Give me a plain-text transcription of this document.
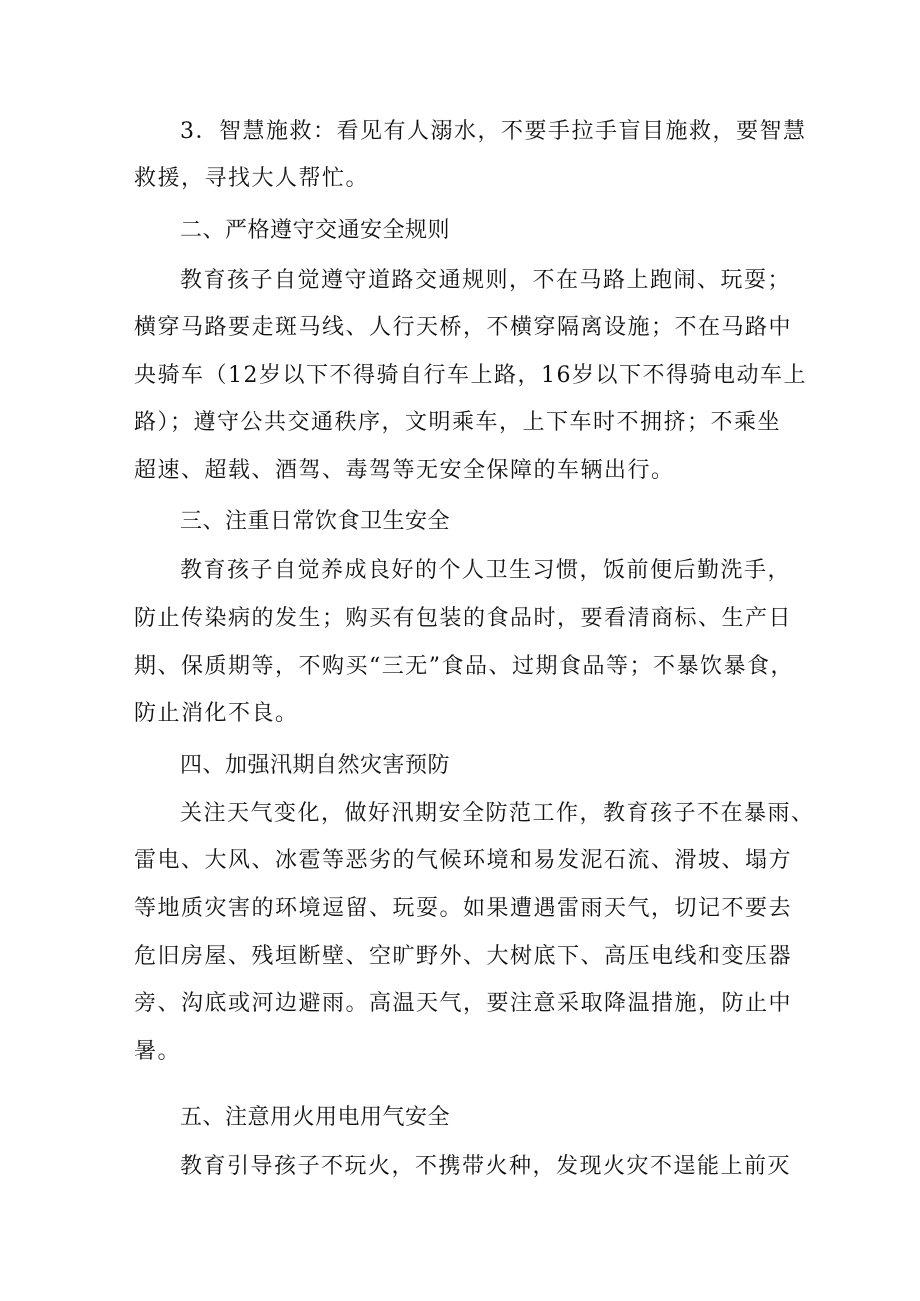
3．智慧施救：看见有人溺水，不要手拉手盲目施救，要智慧
救援，寻找大人帮忙。
二、严格遵守交通安全规则
教育孩子自觉遵守道路交通规则，不在马路上跑闹、玩耍；
横穿马路要走斑马线、人行天桥，不横穿隔离设施；不在马路中
央骑车（12岁以下不得骑自行车上路，16岁以下不得骑电动车上
路）；遵守公共交通秩序，文明乘车，上下车时不拥挤；不乘坐
超速、超载、酒驾、毒驾等无安全保障的车辆出行。
三、注重日常饮食卫生安全
教育孩子自觉养成良好的个人卫生习惯，饭前便后勤洗手，
防止传染病的发生；购买有包装的食品时，要看清商标、生产日
期、保质期等，不购买“三无”食品、过期食品等；不暴饮暴食，
防止消化不良。
四、加强汛期自然灾害预防
关注天气变化，做好汛期安全防范工作，教育孩子不在暴雨、
雷电、大风、冰雹等恶劣的气候环境和易发泥石流、滑坡、塌方
等地质灾害的环境逗留、玩耍。如果遭遇雷雨天气，切记不要去
危旧房屋、残垣断壁、空旷野外、大树底下、高压电线和变压器
旁、沟底或河边避雨。高温天气，要注意采取降温措施，防止中
暑。
五、注意用火用电用气安全
教育引导孩子不玩火，不携带火种，发现火灾不逞能上前灭
